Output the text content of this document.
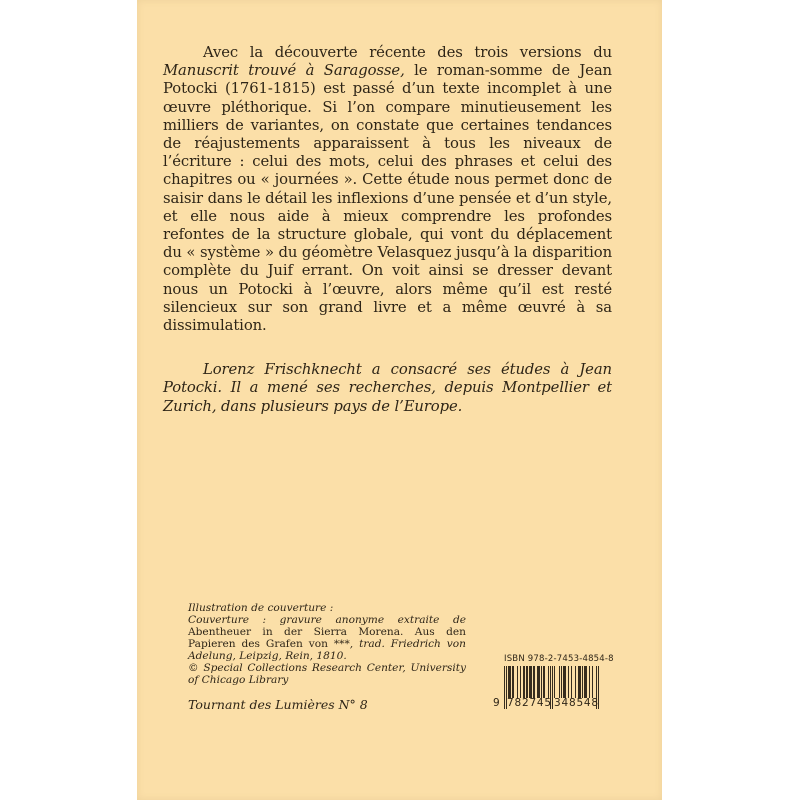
Avec la découverte récente des trois versions du Manuscrit trouvé à Saragosse, le roman-somme de Jean Potocki (1761-1815) est passé d’un texte incomplet à une œuvre pléthorique. Si l’on compare minutieusement les milliers de variantes, on constate que certaines tendances de réajustements apparaissent à tous les niveaux de l’écriture : celui des mots, celui des phrases et celui des chapitres ou « journées ». Cette étude nous permet donc de saisir dans le détail les inflexions d’une pensée et d’un style, et elle nous aide à mieux comprendre les profondes refontes de la structure globale, qui vont du déplacement du « système » du géomètre Velasquez jusqu’à la disparition complète du Juif errant. On voit ainsi se dresser devant nous un Potocki à l’œuvre, alors même qu’il est resté silencieux sur son grand livre et a même œuvré à sa dissimulation.

Lorenz Frischknecht a consacré ses études à Jean Potocki. Il a mené ses recherches, depuis Montpellier et Zurich, dans plusieurs pays de l’Europe.

Illustration de couverture :

Couverture : gravure anonyme extraite de Abentheuer in der Sierra Morena. Aus den Papieren des Grafen von ***, trad. Friedrich von Adelung, Leipzig, Rein, 1810.

© Special Collections Research Center, University of Chicago Library

Tournant des Lumières N° 8
ISBN 978-2-7453-4854-8
9 782745 348548
